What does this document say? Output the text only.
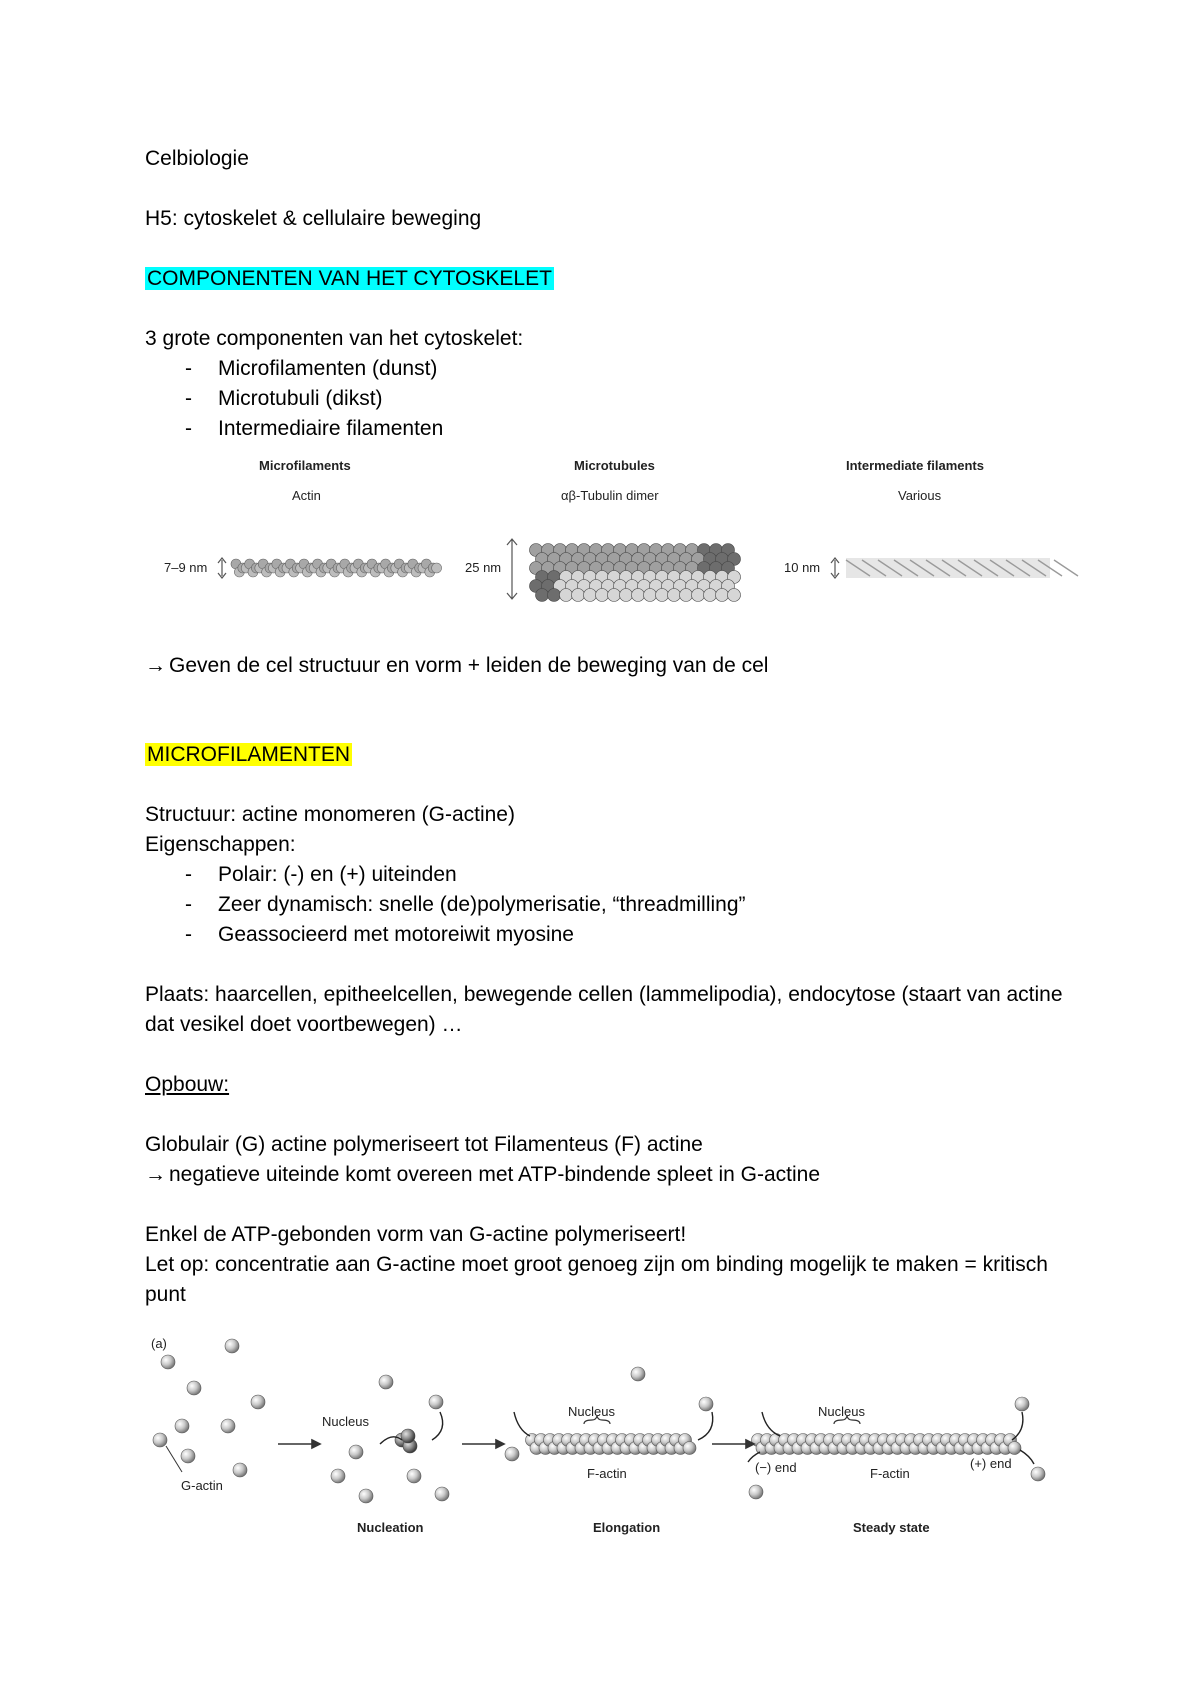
Celbiologie
H5: cytoskelet & cellulaire beweging
COMPONENTEN VAN HET CYTOSKELET
3 grote componenten van het cytoskelet:
- Microfilamenten (dunst)
- Microtubuli (dikst)
- Intermediaire filamenten
Microfilaments
Actin
Microtubules
αβ-Tubulin dimer
Intermediate filaments
Various
7–9 nm	25 nm	10 nm
→ Geven de cel structuur en vorm + leiden de beweging van de cel
MICROFILAMENTEN
Structuur: actine monomeren (G-actine)
Eigenschappen:
- Polair: (-) en (+) uiteinden
- Zeer dynamisch: snelle (de)polymerisatie, “threadmilling”
- Geassocieerd met motoreiwit myosine
Plaats: haarcellen, epitheelcellen, bewegende cellen (lammelipodia), endocytose (staart van actine dat vesikel doet voortbewegen) …
Opbouw:
Globulair (G) actine polymeriseert tot Filamenteus (F) actine
→ negatieve uiteinde komt overeen met ATP-bindende spleet in G-actine
Enkel de ATP-gebonden vorm van G-actine polymeriseert!
Let op: concentratie aan G-actine moet groot genoeg zijn om binding mogelijk te maken = kritisch punt
(a)
G-actin
Nucleus
Nucleus	Nucleus
F-actin	F-actin
(−) end	(+) end
Nucleation	Elongation	Steady state
